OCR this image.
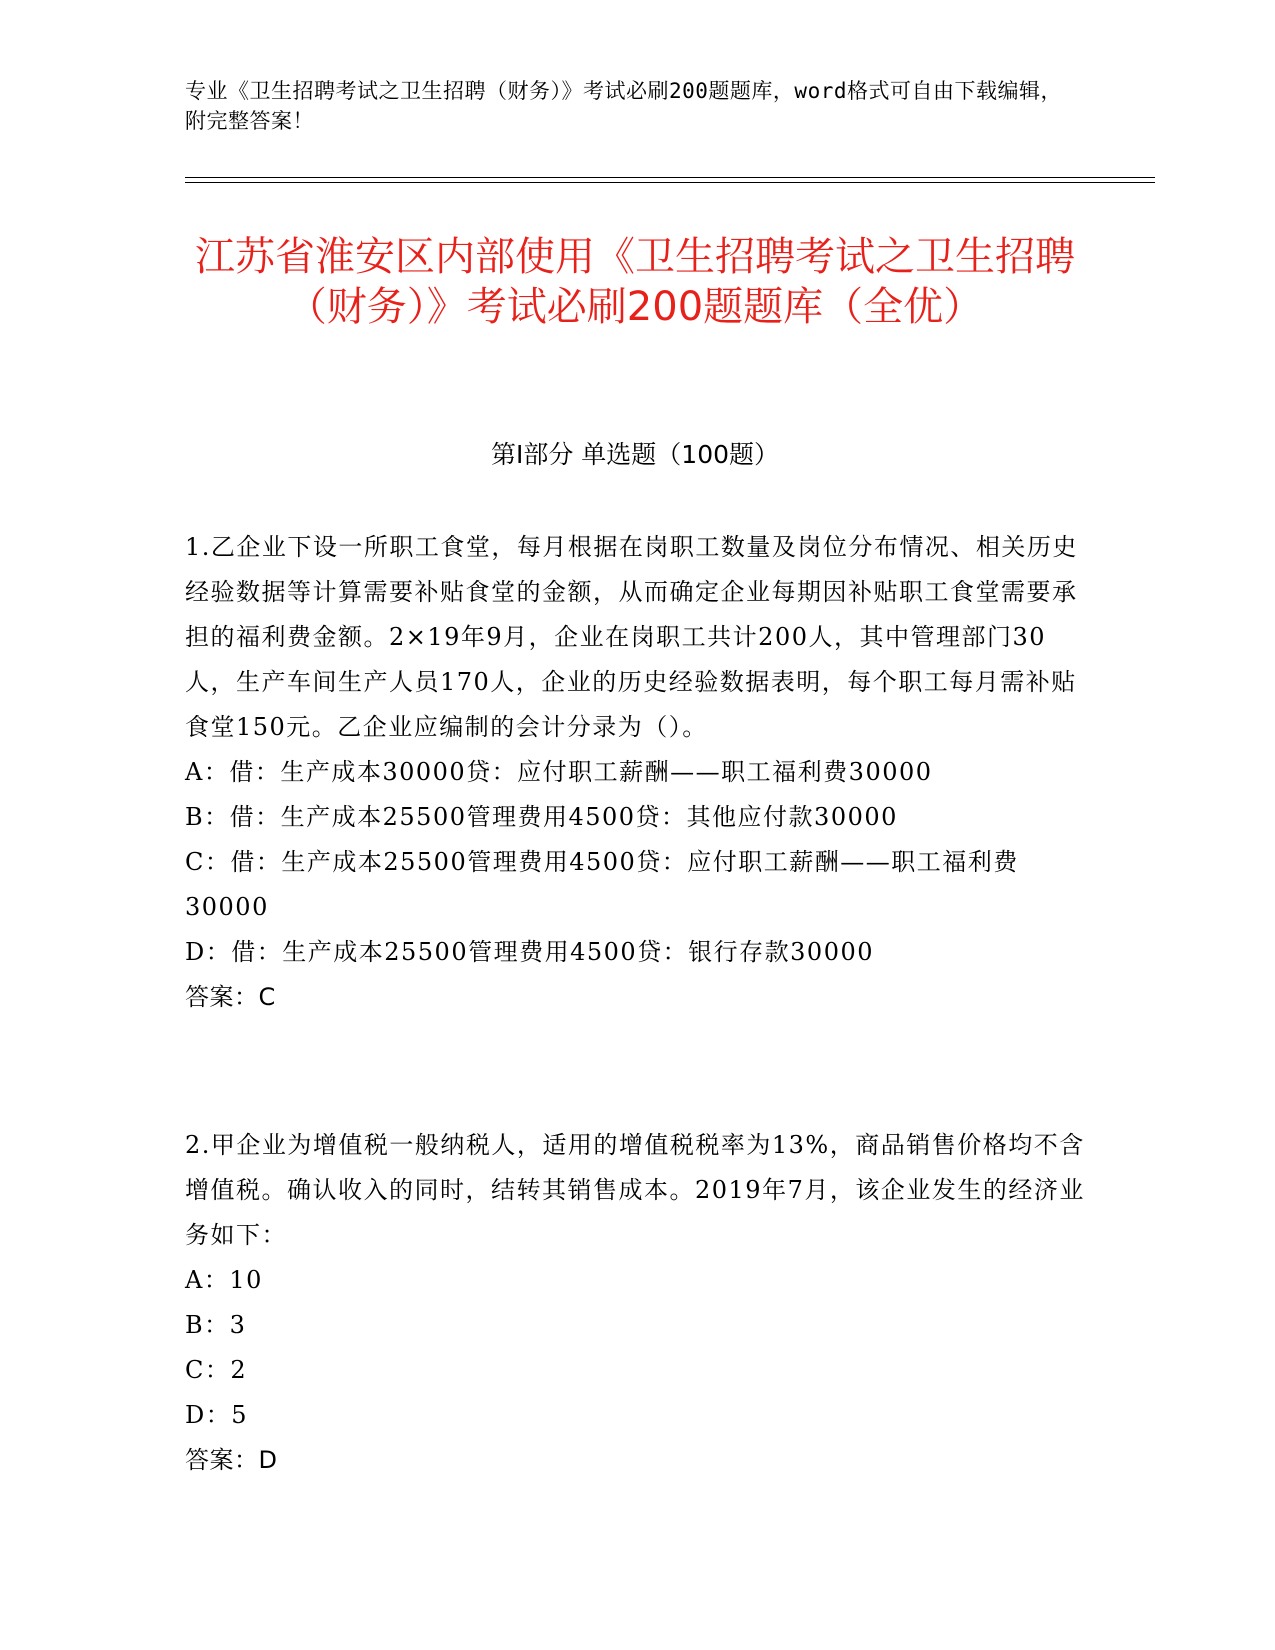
专业《卫生招聘考试之卫生招聘（财务）》考试必刷200题题库，word格式可自由下载编辑，附完整答案！
江苏省淮安区内部使用《卫生招聘考试之卫生招聘（财务）》考试必刷200题题库（全优）
第Ⅰ部分 单选题（100题）

1.乙企业下设一所职工食堂，每月根据在岗职工数量及岗位分布情况、相关历史经验数据等计算需要补贴食堂的金额，从而确定企业每期因补贴职工食堂需要承担的福利费金额。2×19年9月，企业在岗职工共计200人，其中管理部门30人，生产车间生产人员170人，企业的历史经验数据表明，每个职工每月需补贴食堂150元。乙企业应编制的会计分录为（）。

A：借：生产成本30000贷：应付职工薪酬——职工福利费30000

B：借：生产成本25500管理费用4500贷：其他应付款30000

C：借：生产成本25500管理费用4500贷：应付职工薪酬——职工福利费30000

D：借：生产成本25500管理费用4500贷：银行存款30000

答案：C

2.甲企业为增值税一般纳税人，适用的增值税税率为13%，商品销售价格均不含增值税。确认收入的同时，结转其销售成本。2019年7月，该企业发生的经济业务如下：

A：10

B：3

C：2

D：5

答案：D
